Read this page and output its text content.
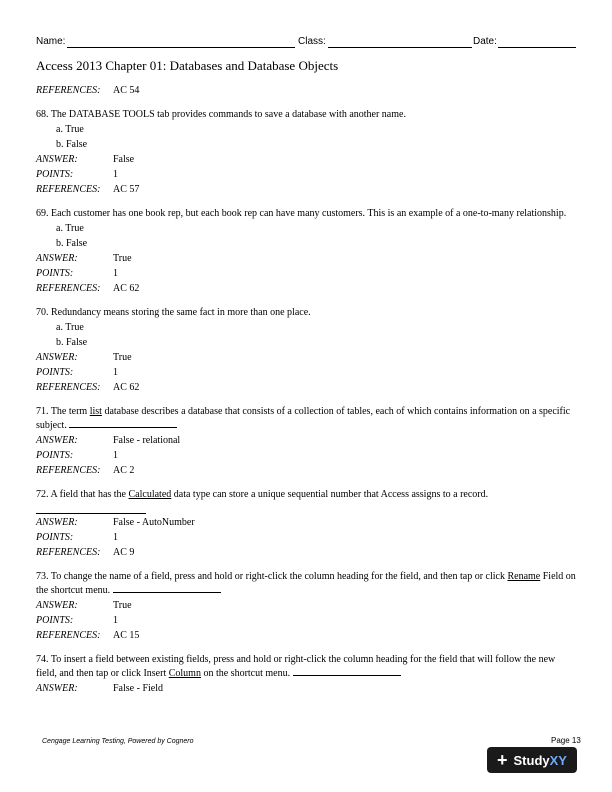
Name:	Class:	Date:
Access 2013 Chapter 01: Databases and Database Objects
REFERENCES:	AC 54
68. The DATABASE TOOLS tab provides commands to save a database with another name.
a. True
b. False
ANSWER:	False
POINTS:	1
REFERENCES:	AC 57
69. Each customer has one book rep, but each book rep can have many customers. This is an example of a one-to-many relationship.
a. True
b. False
ANSWER:	True
POINTS:	1
REFERENCES:	AC 62
70. Redundancy means storing the same fact in more than one place.
a. True
b. False
ANSWER:	True
POINTS:	1
REFERENCES:	AC 62
71. The term list database describes a database that consists of a collection of tables, each of which contains information on a specific subject.
ANSWER:	False - relational
POINTS:	1
REFERENCES:	AC 2
72. A field that has the Calculated data type can store a unique sequential number that Access assigns to a record.
ANSWER:	False - AutoNumber
POINTS:	1
REFERENCES:	AC 9
73. To change the name of a field, press and hold or right-click the column heading for the field, and then tap or click Rename Field on the shortcut menu.
ANSWER:	True
POINTS:	1
REFERENCES:	AC 15
74. To insert a field between existing fields, press and hold or right-click the column heading for the field that will follow the new field, and then tap or click Insert Column on the shortcut menu.
ANSWER:	False - Field
Cengage Learning Testing, Powered by Cognero	Page 13
+ Study XY
